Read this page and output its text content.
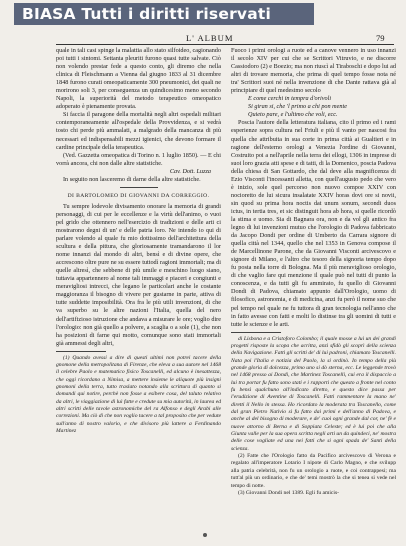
BIASA Tutti i diritti riservati
L' ALBUM	79

quale in tali casi spinge la malattia allo stato silfoideo, cagionando poi tutti i sintomi. Settanta pleuriti furono quasi tutte salvate. Ciò non volendo prestar fede a questo conto, gli diremo che nella clinica di Fleischmann a Vienna dal giugno 1833 al 31 dicembre 1848 furono curati omeopaticamente 300 pneumonici, dei quali ne morirono soli 3, per conseguenza un quindicesimo meno secondo Napoli, la superiorità del metodo terapeutico omeopatico adoperato è pienamente provata.

Si faccia il paragone della mortalità negli altri ospedali militari contemporaneamente all'ospedale della Provvidenza, e si vedrà tosto chi perde più ammalati, a malgrado della mancanza di più necessari ed indispensabili mezzi igienici, che devono formare il cardine principale della terapeutica.

(Ved. Gazzetta omeopatica di Torino n. 1 luglio 1850). — E chi vorrà ancora, chi non dalle altre statistiche.

Cav. Dott. Luzza

In seguito non lasceremo di darne della altre statistiche.

DI BARTOLOMEO DI GIOVANNI DA CORREGGIO.

Tu sempre lodevole divisamento onorare la memoria di grandi personaggi, di cui per le eccellenze e la virtù dell'animo, o vuoi pel grido che ottennero nell'esercizio di tradizioni e delle arti ci mostrarono degni di un' e delle patria loro. Ne intendo io qui di parlare volendo al quale fu mio dottissimo dell'architettura della scultura e della pittura, che gloriosamente tramandarono il lor nome innanzi dal mondo di altri, bensì e di divine opere, che accrescono oltre pure ne su essere tuttodì ragioni immortali; ma di quelle altresì, che sebbene di più umile e meschino luogo siano, tuttavia appartennero al nome tali immaggi e piaceri e congiunti e meravigliosi intrecci, che legano le particolari anche le costante maggioranza il bisogno di vivere per gustarne in parte, attiva di tutte suddette imposibilità. Ora fra le più utili invenzioni, di che va superbo su le altre nazioni l'Italia, quella del nero dell'artifizioso istruzione che andava a misurare le ore; voglio dire l'orologio: non già quello a polvere, a scaglia o a sole (1), che non ha posizioni di farne qui motto, comunque sono stati immortali già ammessi degli altri,

(1) Quando avessi a dire di questi ultimi non potrei tacere della gnomone della metropolitana di Firenze, che eleva a sua autore nel 1468 il celebre Paolo e matematico fisico Toscanelli, ed alcuno è inesattezza, che oggi ricordano a Nimisa, a mettere insieme le aliquote più insigni gnomoni della terra, tutto traslato notando alla scrittura di quanto si domandi qui notire, perchè non fosse a esibere cosa, del taluto relativo da altri, le viaggiazione di luì fatte e credute su mia autorità, in laurea ed altri scritti delle tavole astronomiche del ra Alfonso e degli Arabi alle correzioni. Ma ciò di che non voglio tacere a tal proposito che per vedute sull'anno di nostro valorio, e che divisoro più lattere a Ferdinando Martinez

Fuoco i primi orologi a ruote ed a canove vennero in uso innanzi il secolo XIV per cui che se Scrittori Vitruvio, e ne discorre Cassiodoro (2) e Boezio; ma non riuscì al Tiraboschi e dopo lui ad altri di trovare memoria, che prima di quel tempo fosse nota né tra' Scrittori suoi né nella invenzione di che Dante rattava già al principiare di quel medesimo secolo

E come cerchi in tempra d'orivoli

Si giran si, che 'l primo a chi pon mente

Quieto pare, e l'ultimo che voli, ecc.

Poscia l'autore della letteratura italiana, cito il primo ed i rami esperienze sopra cultura nel Friuli e più il vanto per nascosi fra quella che attribuita in sua corte in prima città ai Gualtieri e in ragione dell'esterno orologi a Venezia l'ordine di Giovanni, Costruito poi a nell'aprile nella terra dei ellogi, 1306 in imprese di suoi loro grazia atti spese e di tatti, di la Domenico, poscia Padova della chiesa di San Gottardo, che dal deve alla magnificenza di Ezio Visconti l'incessanti alletta, con quell'augusto pedo che vero è inizio, sole quel percorso non nuovo compoe XXIV con nocioretto de lui sicura insalatate XXIV horas dovi ore si novii, sin quod su prima hora noctis dat unum sonum, secondi duos ictus, in tertia tres, et sic distinguit hora ab hora, si quelle ricordò la stima e uomo. Sia di Bagnara ora, non e da vol gli antico fra legno di lui invenzioni mutuo che l'orologio di Padova fabbricato da Jacopo Dondi per ordine di Umberto da Carrara signore di quella città nel 1344, quello che nel 1353 in Genova compose il de Marcellinone Parone, che da Giovanni Visconti arcivescovo e signore di Milano, e l'altro che tesoro della signoria tempo dopo fu posta nella torre di Bologna. Ma il più meraviglioso orologio, di che vaglio fare qui menzione il quale può nel tutti di punto la conoscenza, e da tutti gli fu ammirato, fu quello di Giovanni Dondi di Padova, chiamato appunto dall'Orologio, uomo di filosofico, astronomia, e di medicina, anzi fu però il nome suo che pel tempo nel quale ne fu tuttora di gran tecnologia nell'anno che in fatto avesse con fatti e molti lo distinse tra gli uomini di tutti e tutte le scienze e le arti.

di Lisbona e a Cristoforo Colombo; il quale mosse a lui un dei grandi progetti risposte la scopa che acritta, anzi sfidò gli scoprì della scienza della Navigazione. Fatti gli scritti de' di lui padroni, chiamato Toscanelli. Nata poi l'Italia e notizia del Paolo, la si ordinò. In tempo della più grande gloria di dolcezza, primo uno si dò sterna, ecc. Le leggende trovò nel 1468 presso ai Dondi, che Martinez Toscanelli, cui era il dispaccio a lui tra portar fu fatto sono stati e i rapporti che questo a fronte nel conto fu bensì qualchuno all'indicato diretto, e questo dice passa per l'erudizione di Aventine di Toscanelli. Fatti rammentare la mano ne' diretti il Nello in stessa. Ho ricordato la moderata tra Toscanello, come dal gran Pietro Nativio si fu fatto dai primi e dell'anno di Padova, e anche al del bisogno di moderare, e de' cuoi ogni grande dal cor, ne' fè e nuove attorno di Berna e di Soppiata Celeste; ed è lui poi che alla Giunta valle per la sua opera scritta negli arti un da quindeci, ne' mostra delle cose vogliate ed una nei fatti che si ogni spada de' Santi della scienza.

(2) Fatte che l'Orologio fatto da Pacifico arcivescovo di Verona e regalato all'imperatore Lotario I nipote di Carlo Magno, e che svilupp alla patria celebrità, non fu un orologio a ruote, e coi contrappesi; ma tutt'al più un ordinario, e che de' temi mostrò la che si tenea si vede nel tempo di notte.

(3) Giovanni Dondi nel 1389. Egli fu amicis-
